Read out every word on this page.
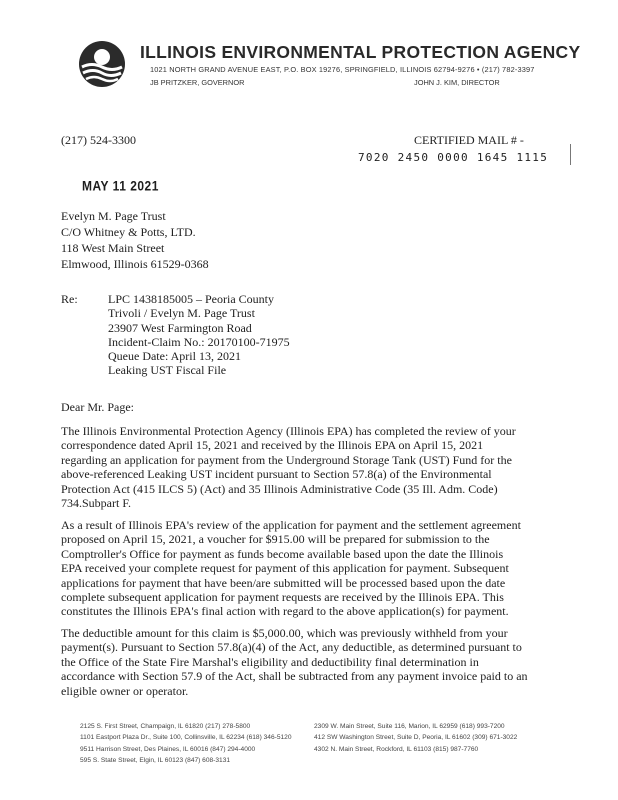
ILLINOIS ENVIRONMENTAL PROTECTION AGENCY
1021 NORTH GRAND AVENUE EAST, P.O. BOX 19276, SPRINGFIELD, ILLINOIS 62794-9276 • (217) 782-3397
JB PRITZKER, GOVERNOR	JOHN J. KIM, DIRECTOR
(217) 524-3300	CERTIFIED MAIL # -
7020 2450 0000 1645 1115
MAY 11 2021
Evelyn M. Page Trust
C/O Whitney & Potts, LTD.
118 West Main Street
Elmwood, Illinois 61529-0368
Re:	LPC 1438185005 – Peoria County
Trivoli / Evelyn M. Page Trust
23907 West Farmington Road
Incident-Claim No.: 20170100-71975
Queue Date: April 13, 2021
Leaking UST Fiscal File
Dear Mr. Page:
The Illinois Environmental Protection Agency (Illinois EPA) has completed the review of your
correspondence dated April 15, 2021 and received by the Illinois EPA on April 15, 2021
regarding an application for payment from the Underground Storage Tank (UST) Fund for the
above-referenced Leaking UST incident pursuant to Section 57.8(a) of the Environmental
Protection Act (415 ILCS 5) (Act) and 35 Illinois Administrative Code (35 Ill. Adm. Code)
734.Subpart F.
As a result of Illinois EPA's review of the application for payment and the settlement agreement
proposed on April 15, 2021, a voucher for $915.00 will be prepared for submission to the
Comptroller's Office for payment as funds become available based upon the date the Illinois
EPA received your complete request for payment of this application for payment. Subsequent
applications for payment that have been/are submitted will be processed based upon the date
complete subsequent application for payment requests are received by the Illinois EPA. This
constitutes the Illinois EPA's final action with regard to the above application(s) for payment.
The deductible amount for this claim is $5,000.00, which was previously withheld from your
payment(s). Pursuant to Section 57.8(a)(4) of the Act, any deductible, as determined pursuant to
the Office of the State Fire Marshal's eligibility and deductibility final determination in
accordance with Section 57.9 of the Act, shall be subtracted from any payment invoice paid to an
eligible owner or operator.
2125 S. First Street, Champaign, IL 61820 (217) 278-5800
1101 Eastport Plaza Dr., Suite 100, Collinsville, IL 62234 (618) 346-5120
9511 Harrison Street, Des Plaines, IL 60016 (847) 294-4000
595 S. State Street, Elgin, IL 60123 (847) 608-3131
2309 W. Main Street, Suite 116, Marion, IL 62959 (618) 993-7200
412 SW Washington Street, Suite D, Peoria, IL 61602 (309) 671-3022
4302 N. Main Street, Rockford, IL 61103 (815) 987-7760
